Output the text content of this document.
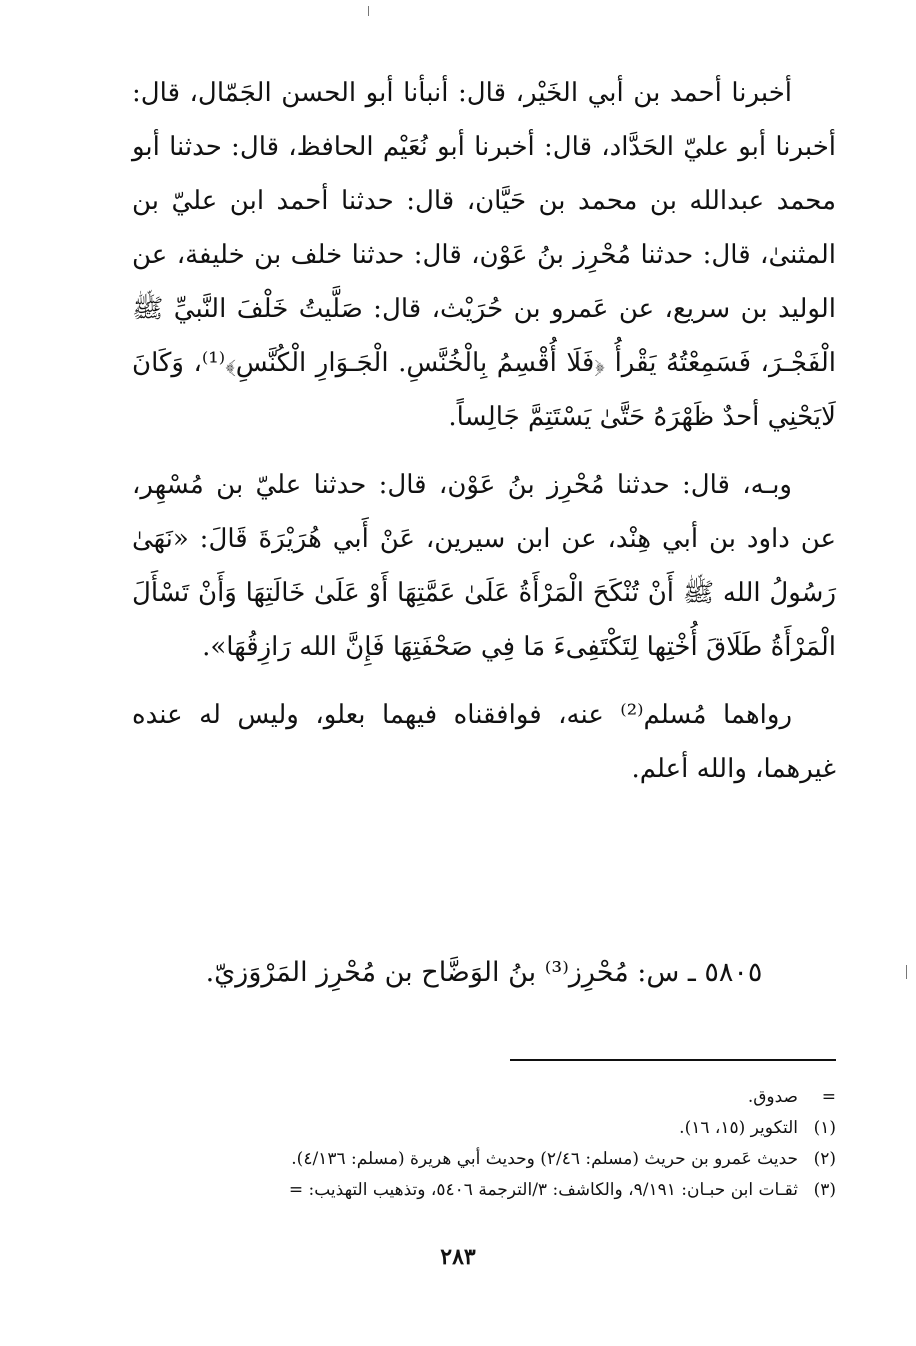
أخبرنا أحمد بن أبي الخَيْر، قال: أنبأنا أبو الحسن الجَمّال، قال: أخبرنا أبو عليّ الحَدَّاد، قال: أخبرنا أبو نُعَيْم الحافظ، قال: حدثنا أبو محمد عبدالله بن محمد بن حَيَّان، قال: حدثنا أحمد ابن عليّ بن المثنىٰ، قال: حدثنا مُحْرِز بنُ عَوْن، قال: حدثنا خلف بن خليفة، عن الوليد بن سريع، عن عَمرو بن حُرَيْث، قال: صَلَّيتُ خَلْفَ النَّبيِّ ﷺ الْفَجْـرَ، فَسَمِعْتُهُ يَقْرأُ ﴿فَلَا أُقْسِمُ بِالْخُنَّسِ. الْجَـوَارِ الْكُنَّسِ﴾⁽¹⁾، وَكَانَ لَايَحْنِي أحدٌ ظَهْرَهُ حَتَّىٰ يَسْتَتِمَّ جَالِساً.

وبـه، قال: حدثنا مُحْرِز بنُ عَوْن، قال: حدثنا عليّ بن مُسْهِر، عن داود بن أبي هِنْد، عن ابن سيرين، عَنْ أَبي هُرَيْرَةَ قَالَ: «نَهَىٰ رَسُولُ الله ﷺ أَنْ تُنْكَحَ الْمَرْأَةُ عَلَىٰ عَمَّتِهَا أَوْ عَلَىٰ خَالَتِهَا وَأَنْ تَسْأَلَ الْمَرْأَةُ طَلَاقَ أُخْتِها لِتَكْتَفِىءَ مَا فِي صَحْفَتِهَا فَإِنَّ الله رَازِقُهَا».

رواهما مُسلم⁽²⁾ عنه، فوافقناه فيهما بعلو، وليس له عنده غيرهما، والله أعلم.

٥٨٠٥ ـ س: مُحْرِز⁽³⁾ بنُ الوَضَّاح بن مُحْرِز المَرْوَزيّ.
=
صدوق.
(١)
التكوير (١٥، ١٦).
(٢)
حديث عَمرو بن حريث (مسلم: ٢/٤٦) وحديث أبي هريرة (مسلم: ٤/١٣٦).
(٣)
ثقـات ابن حبـان: ٩/١٩١، والكاشف: ٣/الترجمة ٥٤٠٦، وتذهيب التهذيب: =
٢٨٣
